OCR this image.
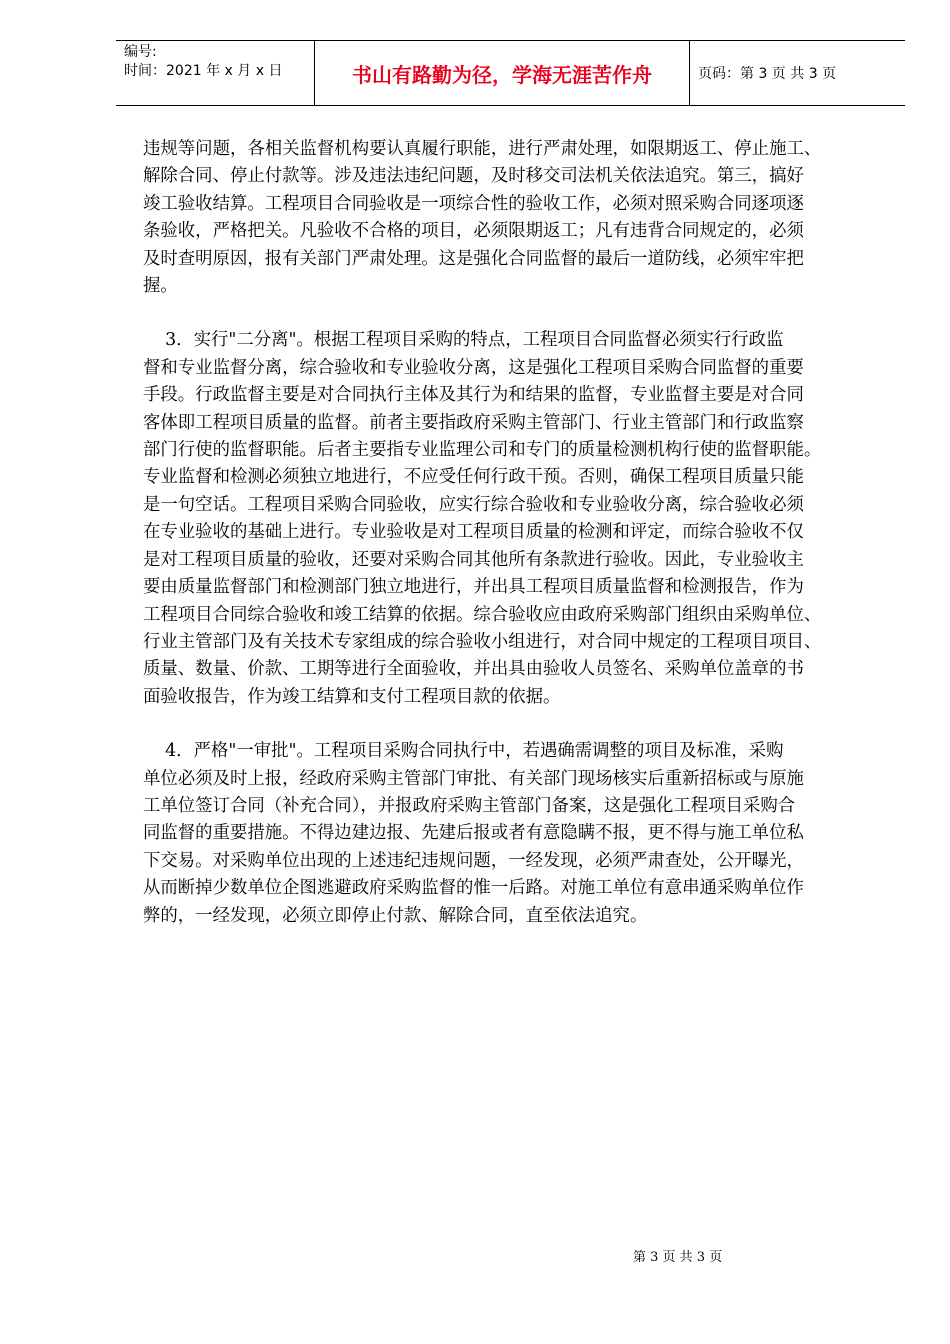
编号:
时间：2021 年 x 月 x 日	书山有路勤为径，学海无涯苦作舟	页码：第 3 页 共 3 页
违规等问题，各相关监督机构要认真履行职能，进行严肃处理，如限期返工、停止施工、
解除合同、停止付款等。涉及违法违纪问题，及时移交司法机关依法追究。第三，搞好
竣工验收结算。工程项目合同验收是一项综合性的验收工作，必须对照采购合同逐项逐
条验收，严格把关。凡验收不合格的项目，必须限期返工；凡有违背合同规定的，必须
及时查明原因，报有关部门严肃处理。这是强化合同监督的最后一道防线，必须牢牢把
握。
3．实行"二分离"。根据工程项目采购的特点，工程项目合同监督必须实行行政监
督和专业监督分离，综合验收和专业验收分离，这是强化工程项目采购合同监督的重要
手段。行政监督主要是对合同执行主体及其行为和结果的监督，专业监督主要是对合同
客体即工程项目质量的监督。前者主要指政府采购主管部门、行业主管部门和行政监察
部门行使的监督职能。后者主要指专业监理公司和专门的质量检测机构行使的监督职能。
专业监督和检测必须独立地进行，不应受任何行政干预。否则，确保工程项目质量只能
是一句空话。工程项目采购合同验收，应实行综合验收和专业验收分离，综合验收必须
在专业验收的基础上进行。专业验收是对工程项目质量的检测和评定，而综合验收不仅
是对工程项目质量的验收，还要对采购合同其他所有条款进行验收。因此，专业验收主
要由质量监督部门和检测部门独立地进行，并出具工程项目质量监督和检测报告，作为
工程项目合同综合验收和竣工结算的依据。综合验收应由政府采购部门组织由采购单位、
行业主管部门及有关技术专家组成的综合验收小组进行，对合同中规定的工程项目项目、
质量、数量、价款、工期等进行全面验收，并出具由验收人员签名、采购单位盖章的书
面验收报告，作为竣工结算和支付工程项目款的依据。
4．严格"一审批"。工程项目采购合同执行中，若遇确需调整的项目及标准，采购
单位必须及时上报，经政府采购主管部门审批、有关部门现场核实后重新招标或与原施
工单位签订合同（补充合同），并报政府采购主管部门备案，这是强化工程项目采购合
同监督的重要措施。不得边建边报、先建后报或者有意隐瞒不报，更不得与施工单位私
下交易。对采购单位出现的上述违纪违规问题，一经发现，必须严肃查处，公开曝光，
从而断掉少数单位企图逃避政府采购监督的惟一后路。对施工单位有意串通采购单位作
弊的，一经发现，必须立即停止付款、解除合同，直至依法追究。
第 3 页 共 3 页
